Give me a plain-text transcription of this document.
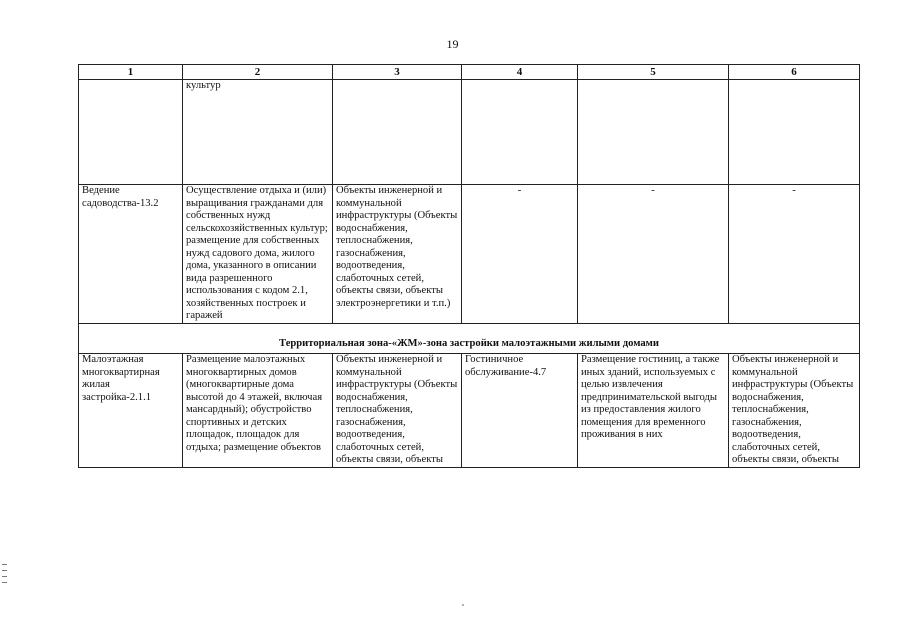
19
1	2	3	4	5	6
	культур				
Ведение садоводства-13.2	Осуществление отдыха и (или) выращивания гражданами для собственных нужд сельскохозяйственных культур; размещение для собственных нужд садового дома, жилого дома, указанного в описании вида разрешенного использования с кодом 2.1, хозяйственных построек и гаражей	Объекты инженерной и коммунальной инфраструктуры (Объекты водоснабжения, теплоснабжения, газоснабжения, водоотведения, слаботочных сетей, объекты связи, объекты электроэнергетики и т.п.)	-	-	-
Территориальная зона-«ЖМ»-зона застройки малоэтажными жилыми домами					
Малоэтажная многоквартирная жилая застройка-2.1.1	Размещение малоэтажных многоквартирных домов (многоквартирные дома высотой до 4 этажей, включая мансардный); обустройство спортивных и детских площадок, площадок для отдыха; размещение объектов	Объекты инженерной и коммунальной инфраструктуры (Объекты водоснабжения, теплоснабжения, газоснабжения, водоотведения, слаботочных сетей, объекты связи, объекты	Гостиничное обслуживание-4.7	Размещение гостиниц, а также иных зданий, используемых с целью извлечения предпринимательской выгоды из предоставления жилого помещения для временного проживания в них	Объекты инженерной и коммунальной инфраструктуры (Объекты водоснабжения, теплоснабжения, газоснабжения, водоотведения, слаботочных сетей, объекты связи, объекты
